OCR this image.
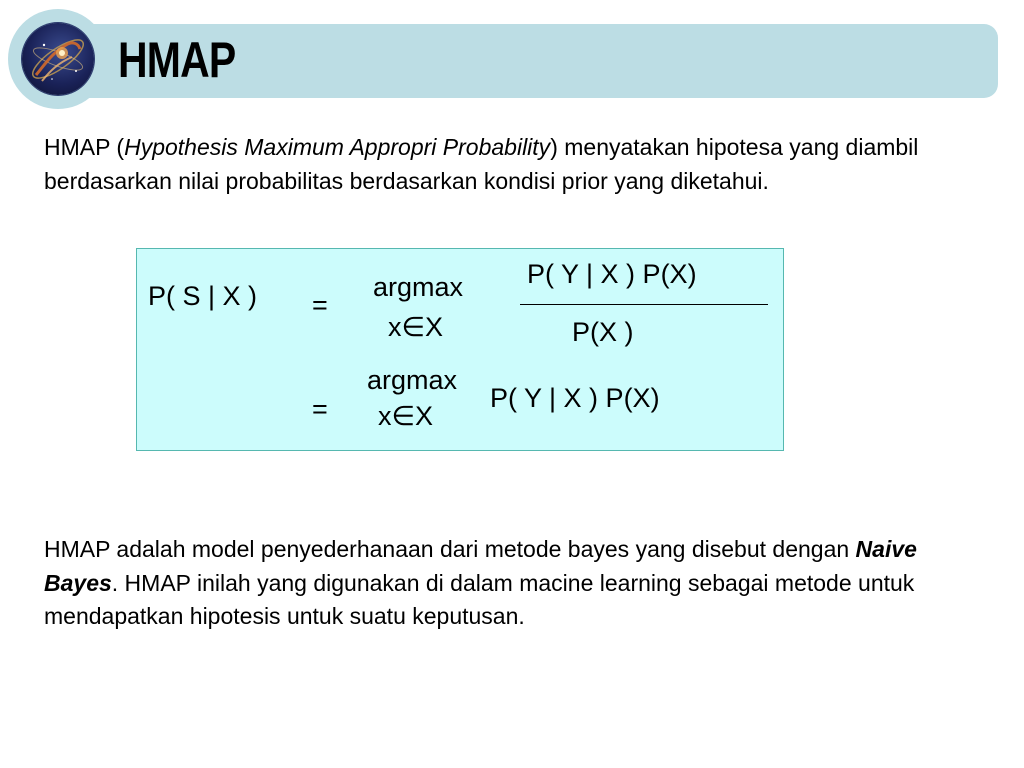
HMAP

HMAP (Hypothesis Maximum Appropri Probability) menyatakan hipotesa yang diambil berdasarkan nilai probabilitas berdasarkan kondisi prior yang diketahui.

P( S | X ) =
argmax
x∈X
P( Y | X ) P(X)
P(X )
=
argmax
x∈X
P( Y | X ) P(X)

HMAP adalah model penyederhanaan dari metode bayes yang disebut dengan Naive Bayes. HMAP inilah yang digunakan di dalam macine learning sebagai metode untuk mendapatkan hipotesis untuk suatu keputusan.
